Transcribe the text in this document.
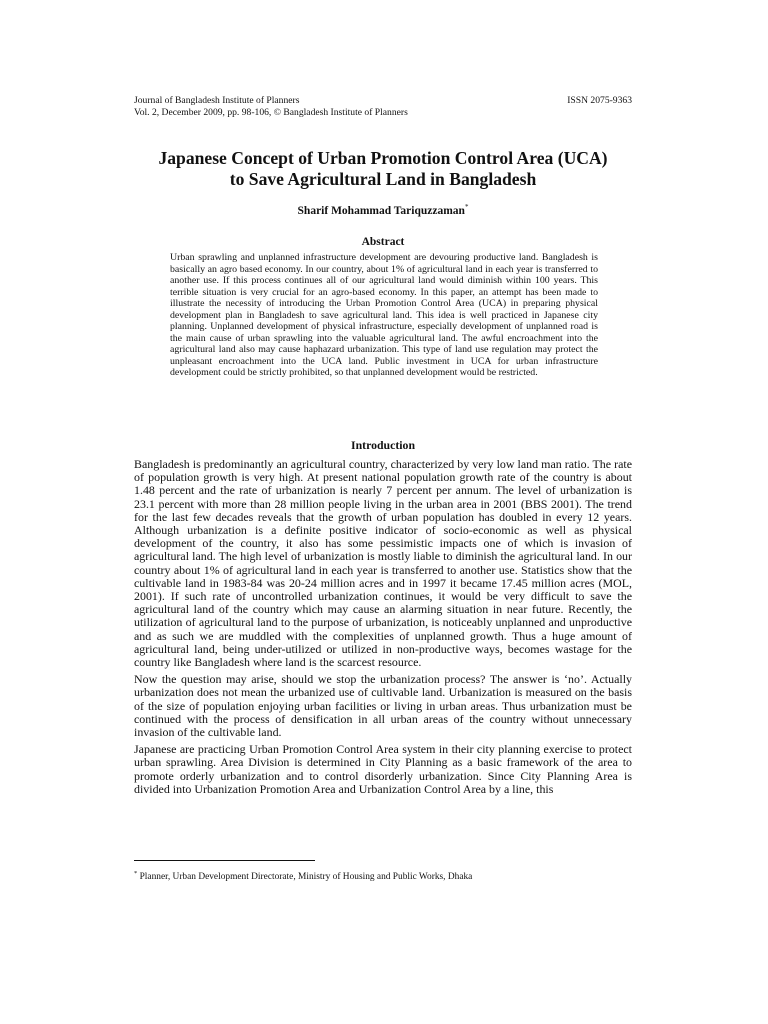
Journal of Bangladesh Institute of Planners
Vol. 2, December 2009, pp. 98-106, © Bangladesh Institute of Planners
ISSN 2075-9363
Japanese Concept of Urban Promotion Control Area (UCA)
to Save Agricultural Land in Bangladesh
Sharif Mohammad Tariquzzaman*
Abstract
Urban sprawling and unplanned infrastructure development are devouring productive land. Bangladesh is basically an agro based economy. In our country, about 1% of agricultural land in each year is transferred to another use. If this process continues all of our agricultural land would diminish within 100 years. This terrible situation is very crucial for an agro-based economy. In this paper, an attempt has been made to illustrate the necessity of introducing the Urban Promotion Control Area (UCA) in preparing physical development plan in Bangladesh to save agricultural land. This idea is well practiced in Japanese city planning. Unplanned development of physical infrastructure, especially development of unplanned road is the main cause of urban sprawling into the valuable agricultural land. The awful encroachment into the agricultural land also may cause haphazard urbanization. This type of land use regulation may protect the unpleasant encroachment into the UCA land. Public investment in UCA for urban infrastructure development could be strictly prohibited, so that unplanned development would be restricted.
Introduction

Bangladesh is predominantly an agricultural country, characterized by very low land man ratio. The rate of population growth is very high. At present national population growth rate of the country is about 1.48 percent and the rate of urbanization is nearly 7 percent per annum. The level of urbanization is 23.1 percent with more than 28 million people living in the urban area in 2001 (BBS 2001). The trend for the last few decades reveals that the growth of urban population has doubled in every 12 years. Although urbanization is a definite positive indicator of socio-economic as well as physical development of the country, it also has some pessimistic impacts one of which is invasion of agricultural land. The high level of urbanization is mostly liable to diminish the agricultural land. In our country about 1% of agricultural land in each year is transferred to another use. Statistics show that the cultivable land in 1983-84 was 20-24 million acres and in 1997 it became 17.45 million acres (MOL, 2001). If such rate of uncontrolled urbanization continues, it would be very difficult to save the agricultural land of the country which may cause an alarming situation in near future. Recently, the utilization of agricultural land to the purpose of urbanization, is noticeably unplanned and unproductive and as such we are muddled with the complexities of unplanned growth. Thus a huge amount of agricultural land, being under-utilized or utilized in non-productive ways, becomes wastage for the country like Bangladesh where land is the scarcest resource.

Now the question may arise, should we stop the urbanization process? The answer is ‘no’. Actually urbanization does not mean the urbanized use of cultivable land. Urbanization is measured on the basis of the size of population enjoying urban facilities or living in urban areas. Thus urbanization must be continued with the process of densification in all urban areas of the country without unnecessary invasion of the cultivable land.

Japanese are practicing Urban Promotion Control Area system in their city planning exercise to protect urban sprawling. Area Division is determined in City Planning as a basic framework of the area to promote orderly urbanization and to control disorderly urbanization. Since City Planning Area is divided into Urbanization Promotion Area and Urbanization Control Area by a line, this

* Planner, Urban Development Directorate, Ministry of Housing and Public Works, Dhaka
